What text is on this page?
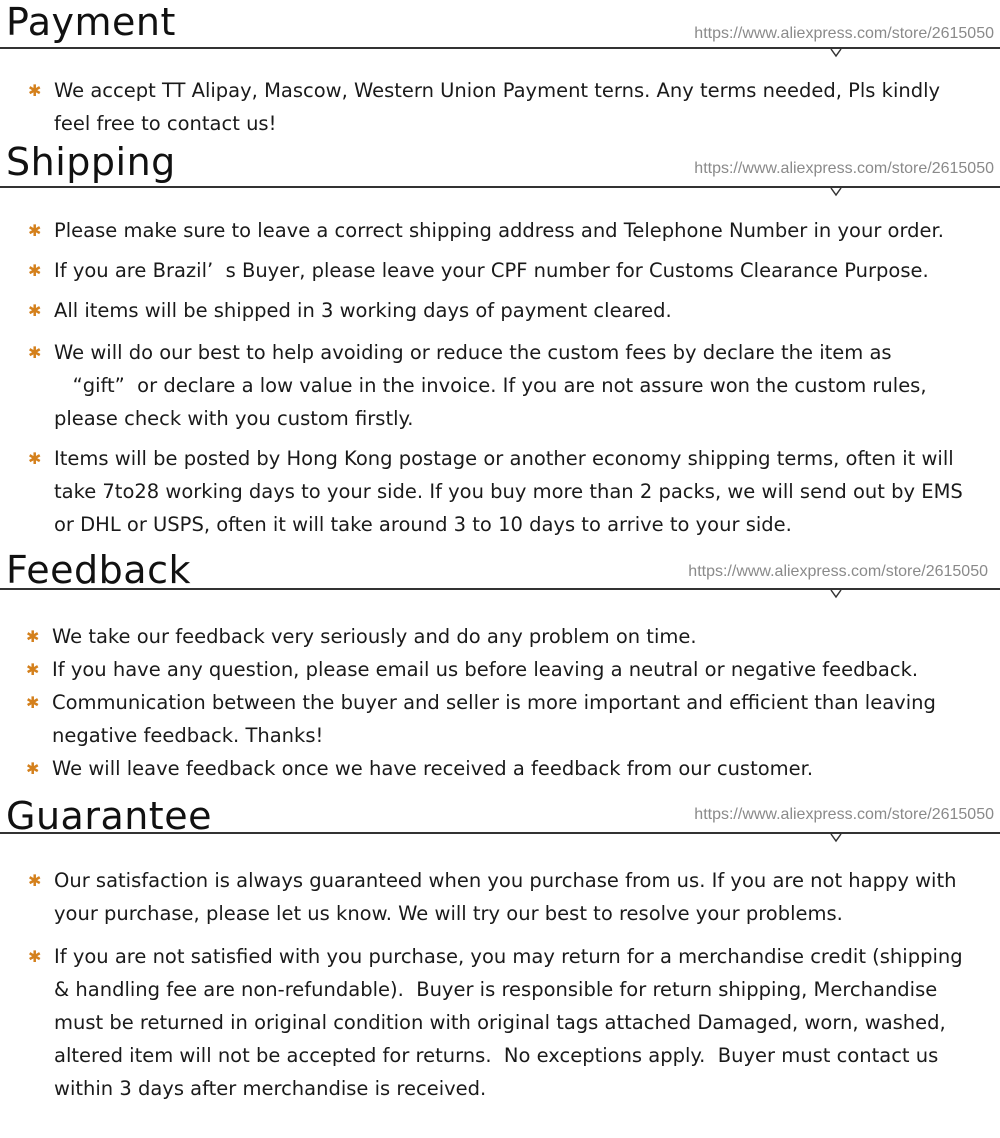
Payment	https://www.aliexpress.com/store/2615050
✱ We accept TT Alipay, Mascow, Western Union Payment terns. Any terms needed, Pls kindly feel free to contact us!
Shipping	https://www.aliexpress.com/store/2615050
✱ Please make sure to leave a correct shipping address and Telephone Number in your order.
✱ If you are Brazil’  s Buyer, please leave your CPF number for Customs Clearance Purpose.
✱ All items will be shipped in 3 working days of payment cleared.
✱ We will do our best to help avoiding or reduce the custom fees by declare the item as
“gift”  or declare a low value in the invoice. If you are not assure won the custom rules, please check with you custom firstly.
✱ Items will be posted by Hong Kong postage or another economy shipping terms, often it will take 7to28 working days to your side. If you buy more than 2 packs, we will send out by EMS or DHL or USPS, often it will take around 3 to 10 days to arrive to your side.
Feedback	https://www.aliexpress.com/store/2615050
✱ We take our feedback very seriously and do any problem on time.
✱ If you have any question, please email us before leaving a neutral or negative feedback.
✱ Communication between the buyer and seller is more important and efficient than leaving negative feedback. Thanks!
✱ We will leave feedback once we have received a feedback from our customer.
Guarantee	https://www.aliexpress.com/store/2615050
✱ Our satisfaction is always guaranteed when you purchase from us. If you are not happy with your purchase, please let us know. We will try our best to resolve your problems.
✱ If you are not satisfied with you purchase, you may return for a merchandise credit (shipping & handling fee are non-refundable).  Buyer is responsible for return shipping, Merchandise must be returned in original condition with original tags attached Damaged, worn, washed, altered item will not be accepted for returns.  No exceptions apply.  Buyer must contact us within 3 days after merchandise is received.
